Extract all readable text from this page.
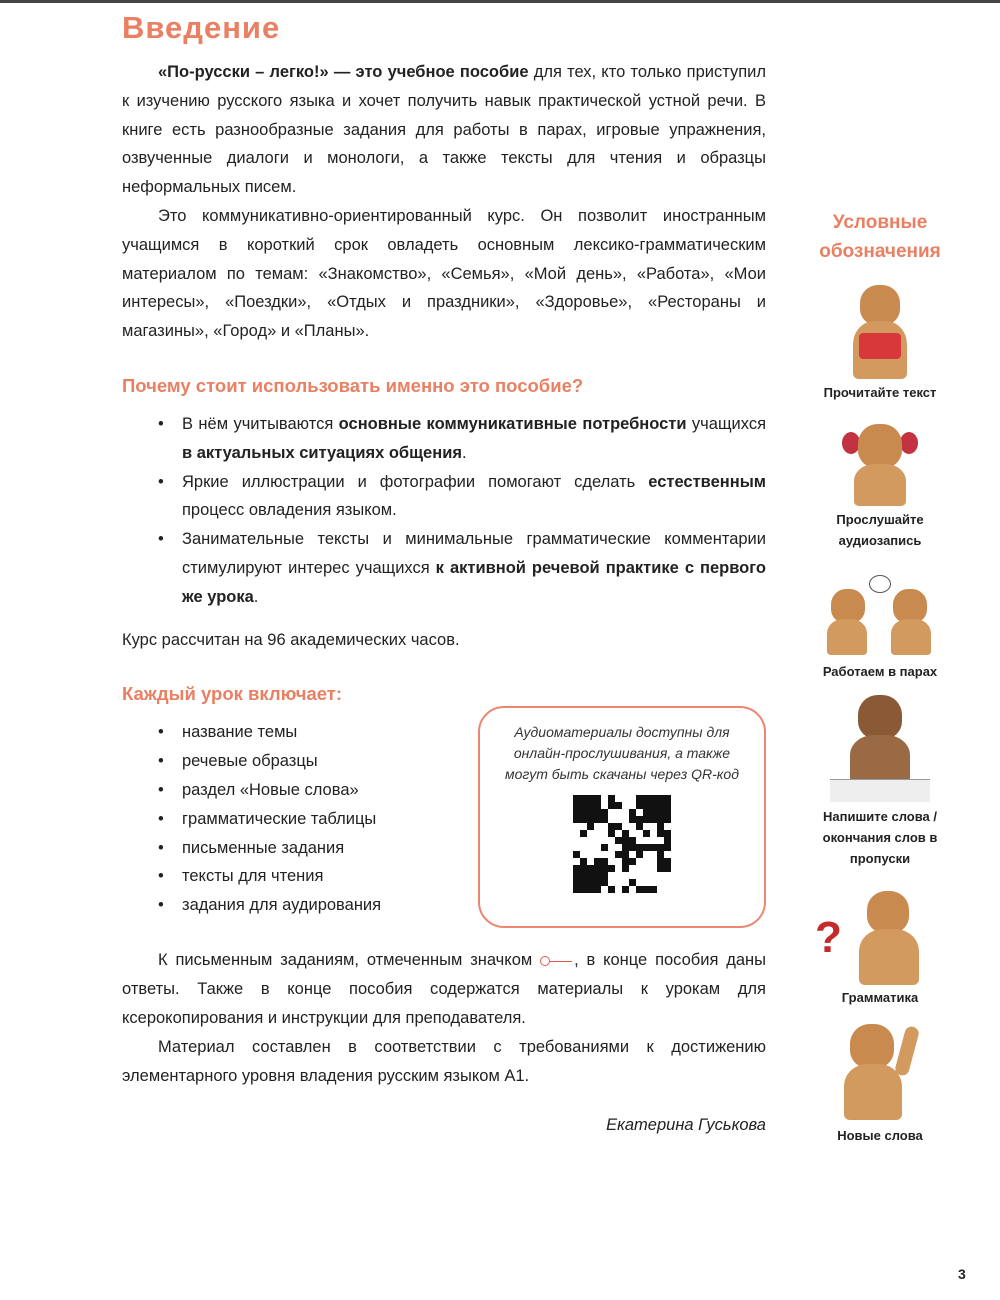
Введение

«По-русски – легко!» — это учебное пособие для тех, кто только приступил к изучению русского языка и хочет получить навык практической устной речи. В книге есть разнообразные задания для работы в парах, игровые упражнения, озвученные диалоги и монологи, а также тексты для чтения и образцы неформальных писем.

Это коммуникативно-ориентированный курс. Он позволит иностранным учащимся в короткий срок овладеть основным лексико-грамматическим материалом по темам: «Знакомство», «Семья», «Мой день», «Работа», «Мои интересы», «Поездки», «Отдых и праздники», «Здоровье», «Рестораны и магазины», «Город» и «Планы».

Почему стоит использовать именно это пособие?
• В нём учитываются основные коммуникативные потребности учащихся в актуальных ситуациях общения.
• Яркие иллюстрации и фотографии помогают сделать естественным процесс овладения языком.
• Занимательные тексты и минимальные грамматические комментарии стимулируют интерес учащихся к активной речевой практике с первого же урока.

Курс рассчитан на 96 академических часов.

Каждый урок включает:
• название темы
• речевые образцы
• раздел «Новые слова»
• грамматические таблицы
• письменные задания
• тексты для чтения
• задания для аудирования
Аудиоматериалы доступны для онлайн-прослушивания, а также могут быть скачаны через QR-код

К письменным заданиям, отмеченным значком , в конце пособия даны ответы. Также в конце пособия содержатся материалы к урокам для ксерокопирования и инструкции для преподавателя.

Материал составлен в соответствии с требованиями к достижению элементарного уровня владения русским языком А1.

Екатерина Гуськова
Условные обозначения
Прочитайте текст
Прослушайте аудиозапись
Работаем в парах
Напишите слова / окончания слов в пропуски
?
Грамматика
Новые слова
3
